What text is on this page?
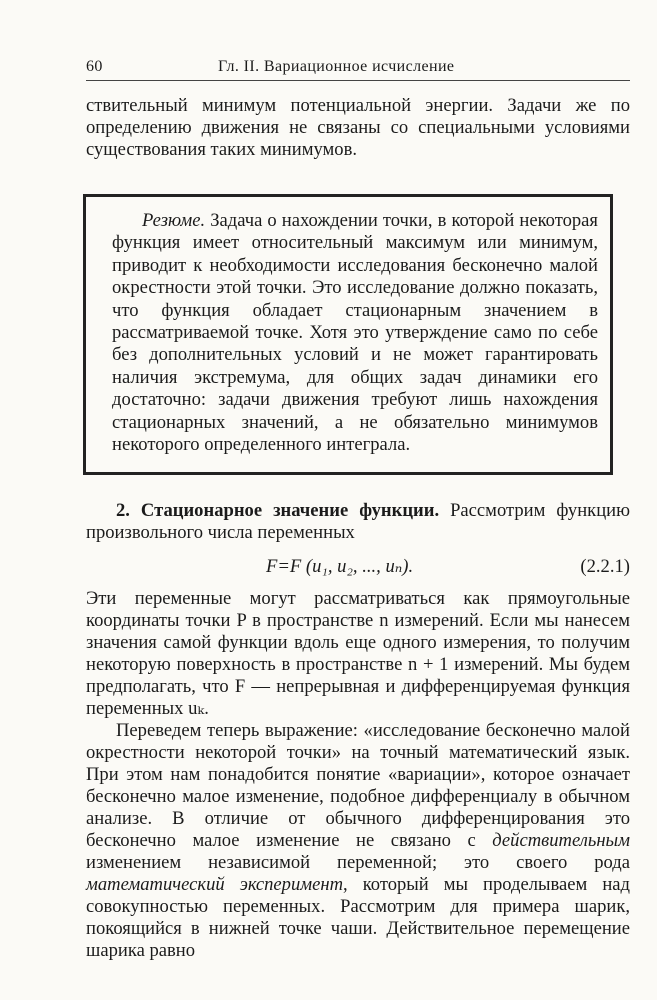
60	Гл. II. Вариационное исчисление

ствительный минимум потенциальной энергии. Задачи же по определению движения не связаны со специальными условиями существования таких минимумов.

Резюме. Задача о нахождении точки, в которой некоторая функция имеет относительный максимум или минимум, приводит к необходимости исследования бесконечно малой окрестности этой точки. Это исследование должно показать, что функция обладает стационарным значением в рассматриваемой точке. Хотя это утверждение само по себе без дополнительных условий и не может гарантировать наличия экстремума, для общих задач динамики его достаточно: задачи движения требуют лишь нахождения стационарных значений, а не обязательно минимумов некоторого определенного интеграла.

2. Стационарное значение функции. Рассмотрим функцию произвольного числа переменных

F=F (u₁, u₂, ..., uₙ).	(2.2.1)

Эти переменные могут рассматриваться как прямоугольные координаты точки P в пространстве n измерений. Если мы нанесем значения самой функции вдоль еще одного измерения, то получим некоторую поверхность в пространстве n + 1 измерений. Мы будем предполагать, что F — непрерывная и дифференцируемая функция переменных uₖ.

Переведем теперь выражение: «исследование бесконечно малой окрестности некоторой точки» на точный математический язык. При этом нам понадобится понятие «вариации», которое означает бесконечно малое изменение, подобное дифференциалу в обычном анализе. В отличие от обычного дифференцирования это бесконечно малое изменение не связано с действительным изменением независимой переменной; это своего рода математический эксперимент, который мы проделываем над совокупностью переменных. Рассмотрим для примера шарик, покоящийся в нижней точке чаши. Действительное перемещение шарика равно
